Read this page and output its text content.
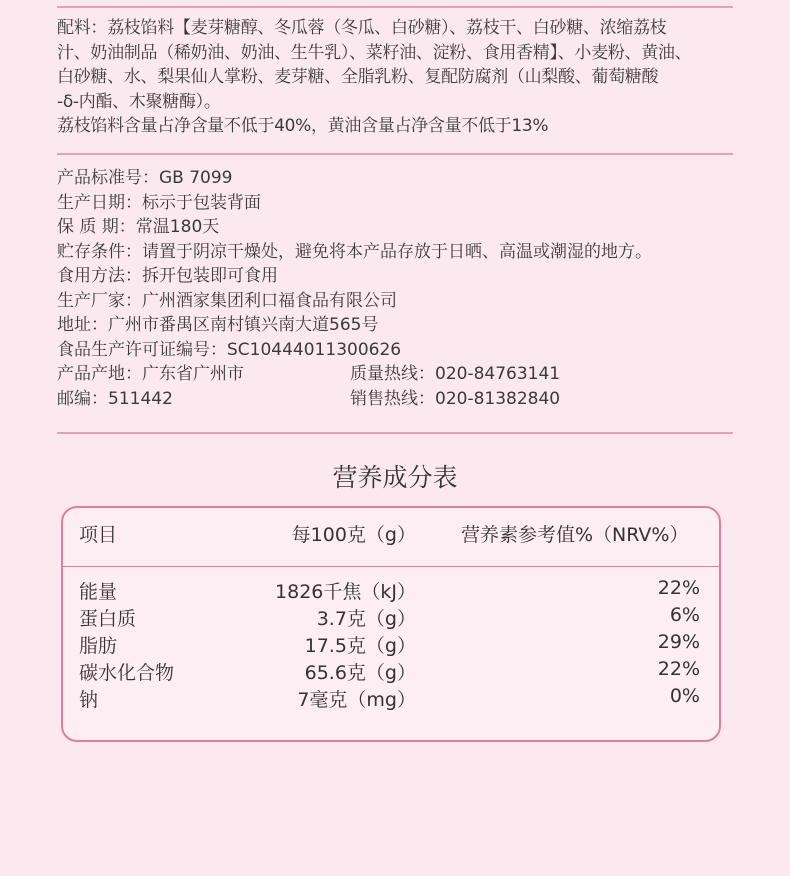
配料：荔枝馅料【麦芽糖醇、冬瓜蓉（冬瓜、白砂糖）、荔枝干、白砂糖、浓缩荔枝

汁、奶油制品（稀奶油、奶油、生牛乳）、菜籽油、淀粉、食用香精】、小麦粉、黄油、

白砂糖、水、梨果仙人掌粉、麦芽糖、全脂乳粉、复配防腐剂（山梨酸、葡萄糖酸

-δ-内酯、木聚糖酶）。

荔枝馅料含量占净含量不低于40%，黄油含量占净含量不低于13%

产品标准号：GB 7099
生产日期：标示于包装背面
保 质 期：常温180天
贮存条件：请置于阴凉干燥处，避免将本产品存放于日晒、高温或潮湿的地方。
食用方法：拆开包装即可食用
生产厂家：广州酒家集团利口福食品有限公司
地址：广州市番禺区南村镇兴南大道565号
食品生产许可证编号：SC10444011300626
产品产地：广东省广州市	质量热线：020-84763141
邮编：511442	销售热线：020-81382840
营养成分表
项目	每100克（g） 营养素参考值%（NRV%）
能量	1826千焦（kJ）	22%
蛋白质	3.7克（g）	6%
脂肪	17.5克（g）	29%
碳水化合物	65.6克（g）	22%
钠	7毫克（mg）	0%
